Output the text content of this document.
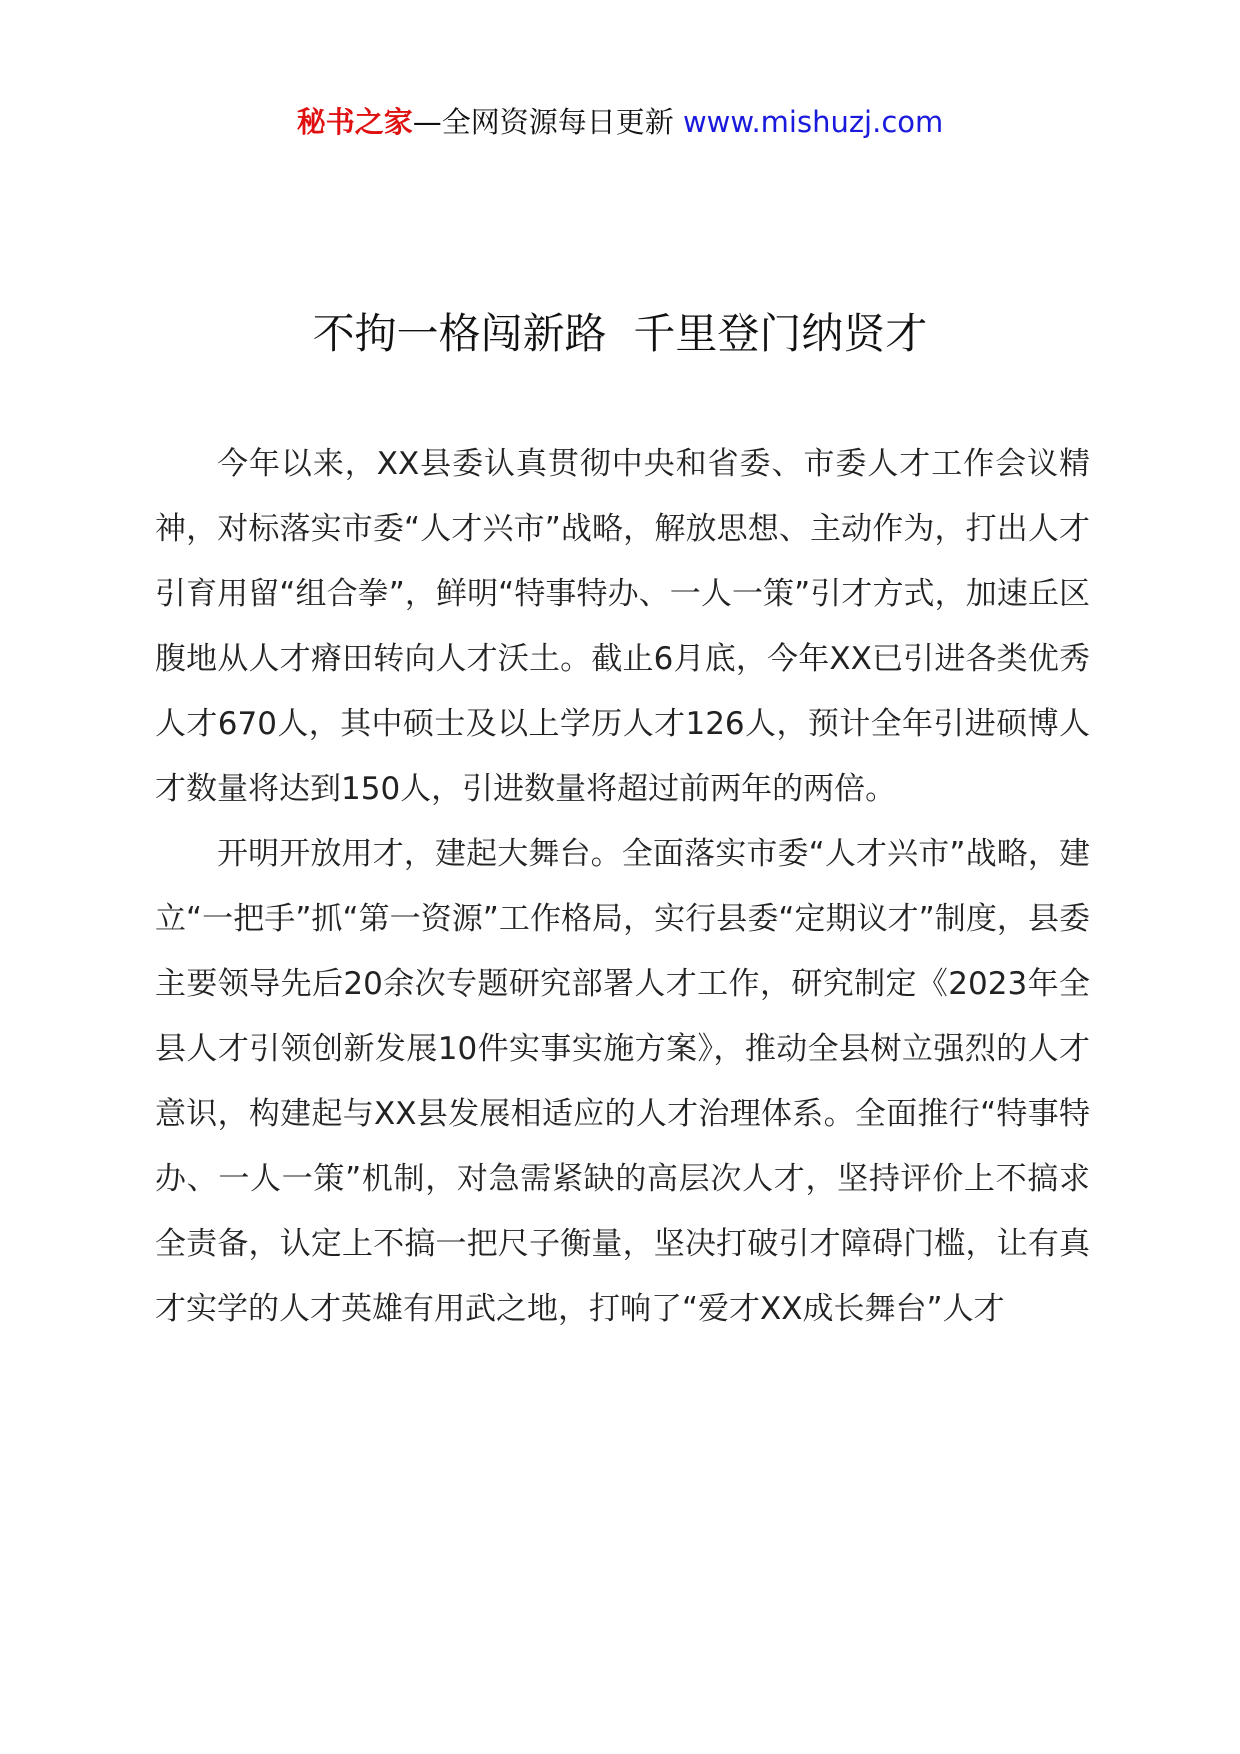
秘书之家—全网资源每日更新 www.mishuzj.com
不拘一格闯新路  千里登门纳贤才

今年以来，XX县委认真贯彻中央和省委、市委人才工作会议精神，对标落实市委“人才兴市”战略，解放思想、主动作为，打出人才引育用留“组合拳”，鲜明“特事特办、一人一策”引才方式，加速丘区腹地从人才瘠田转向人才沃土。截止6月底，今年XX已引进各类优秀人才670人，其中硕士及以上学历人才126人，预计全年引进硕博人才数量将达到150人，引进数量将超过前两年的两倍。

开明开放用才，建起大舞台。全面落实市委“人才兴市”战略，建立“一把手”抓“第一资源”工作格局，实行县委“定期议才”制度，县委主要领导先后20余次专题研究部署人才工作，研究制定《2023年全县人才引领创新发展10件实事实施方案》，推动全县树立强烈的人才意识，构建起与XX县发展相适应的人才治理体系。全面推行“特事特办、一人一策”机制，对急需紧缺的高层次人才，坚持评价上不搞求全责备，认定上不搞一把尺子衡量，坚决打破引才障碍门槛，让有真才实学的人才英雄有用武之地，打响了“爱才XX成长舞台”人才
